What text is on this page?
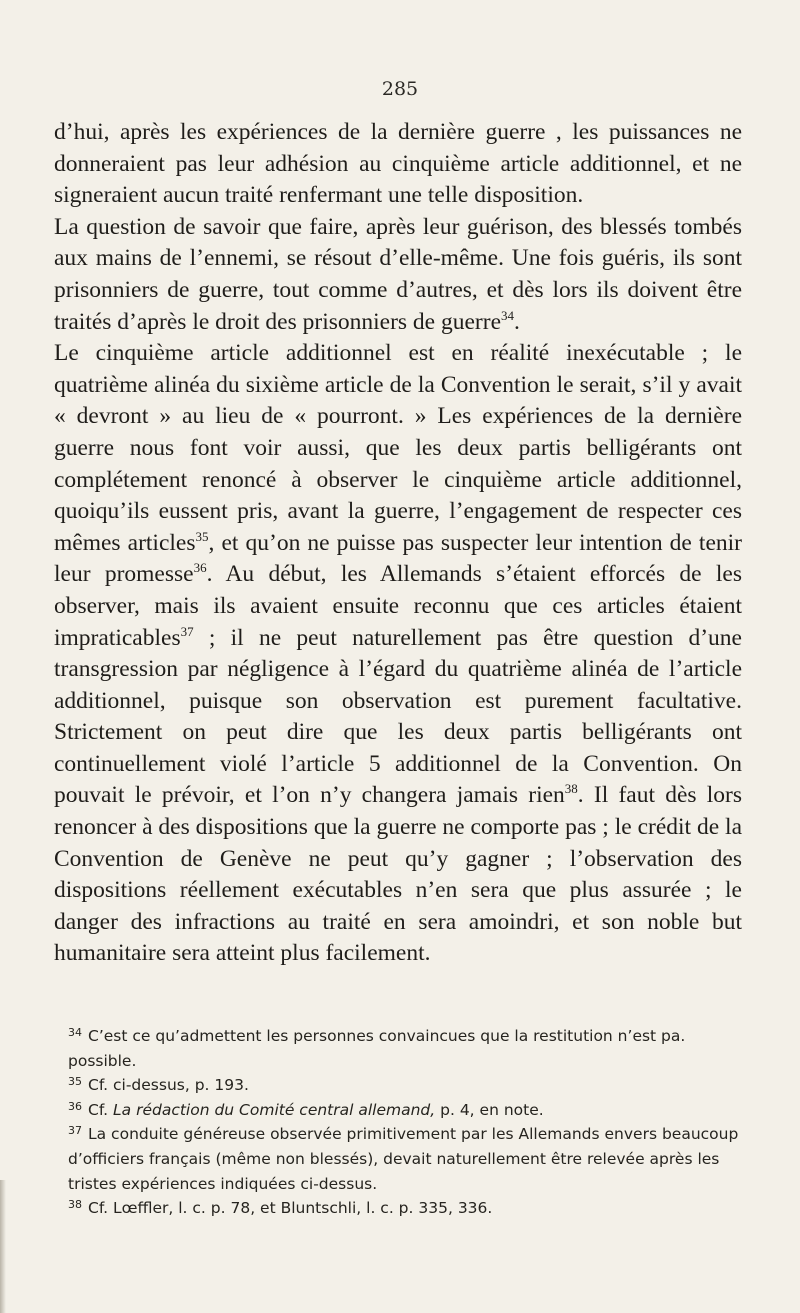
285

d’hui, après les expériences de la dernière guerre , les puissances ne donneraient pas leur adhésion au cinquième article additionnel, et ne signeraient aucun traité renfermant une telle disposition.

La question de savoir que faire, après leur guérison, des blessés tombés aux mains de l’ennemi, se résout d’elle-même. Une fois guéris, ils sont prisonniers de guerre, tout comme d’autres, et dès lors ils doivent être traités d’après le droit des prisonniers de guerre$^{34}$.

Le cinquième article additionnel est en réalité inexécutable ; le quatrième alinéa du sixième article de la Convention le serait, s’il y avait « devront » au lieu de « pourront. » Les expériences de la dernière guerre nous font voir aussi, que les deux partis belligérants ont complétement renoncé à observer le cinquième article additionnel, quoiqu’ils eussent pris, avant la guerre, l’engagement de respecter ces mêmes articles$^{35}$, et qu’on ne puisse pas suspecter leur intention de tenir leur promesse$^{36}$. Au début, les Allemands s’étaient efforcés de les observer, mais ils avaient ensuite reconnu que ces articles étaient impraticables$^{37}$ ; il ne peut naturellement pas être question d’une transgression par négligence à l’égard du quatrième alinéa de l’article additionnel, puisque son observation est purement facultative. Strictement on peut dire que les deux partis belligérants ont continuellement violé l’article 5 additionnel de la Convention. On pouvait le prévoir, et l’on n’y changera jamais rien$^{38}$. Il faut dès lors renoncer à des dispositions que la guerre ne comporte pas ; le crédit de la Convention de Genève ne peut qu’y gagner ; l’observation des dispositions réellement exécutables n’en sera que plus assurée ; le danger des infractions au traité en sera amoindri, et son noble but humanitaire sera atteint plus facilement.

$^{34}$ C’est ce qu’admettent les personnes convaincues que la restitution n’est pa. possible.

$^{35}$ Cf. ci-dessus, p. 193.

$^{36}$ Cf. La rédaction du Comité central allemand, p. 4, en note.

$^{37}$ La conduite généreuse observée primitivement par les Allemands envers beaucoup d’officiers français (même non blessés), devait naturellement être relevée après les tristes expériences indiquées ci-dessus.

$^{38}$ Cf. Lœffler, l. c. p. 78, et Bluntschli, l. c. p. 335, 336.
